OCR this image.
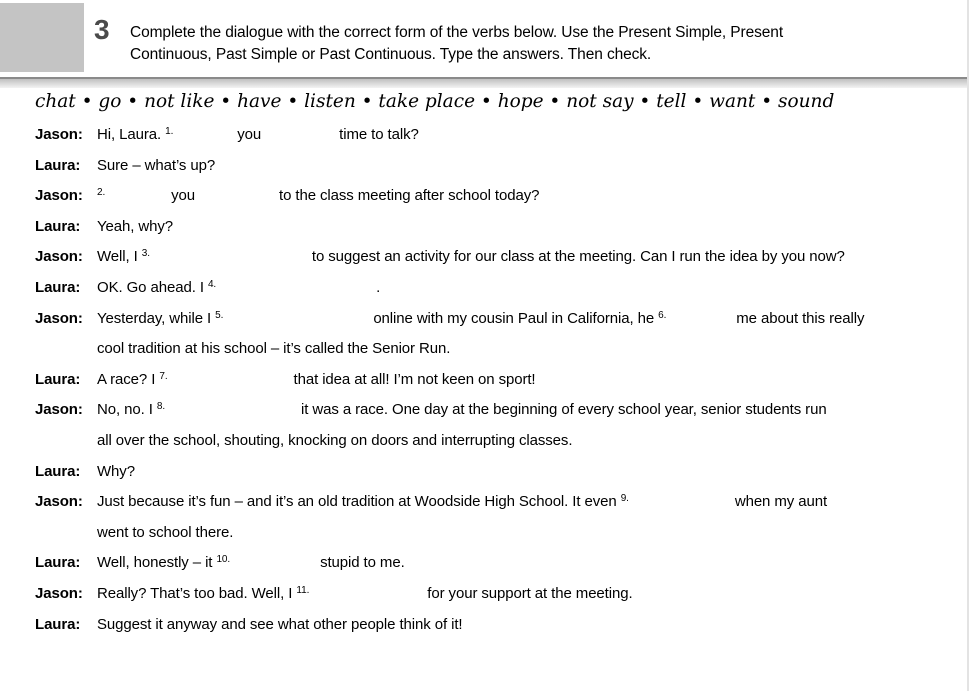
3 Complete the dialogue with the correct form of the verbs below. Use the Present Simple, Present
Continuous, Past Simple or Past Continuous. Type the answers. Then check.
chat • go • not like • have • listen • take place • hope • not say • tell • want • sound
Jason: Hi, Laura. $^{1.}$	you	time to talk?
Laura: Sure – what’s up?
Jason: $^{2.}$	you	to the class meeting after school today?
Laura: Yeah, why?
Jason: Well, I $^{3.}$	to suggest an activity for our class at the meeting. Can I run the idea by you now?
Laura: OK. Go ahead. I $^{4.}$	.
Jason: Yesterday, while I $^{5.}$	online with my cousin Paul in California, he $^{6.}$	me about this really
cool tradition at his school – it’s called the Senior Run.
Laura: A race? I $^{7.}$	that idea at all! I’m not keen on sport!
Jason: No, no. I $^{8.}$	it was a race. One day at the beginning of every school year, senior students run
all over the school, shouting, knocking on doors and interrupting classes.
Laura: Why?
Jason: Just because it’s fun – and it’s an old tradition at Woodside High School. It even $^{9.}$	when my aunt
went to school there.
Laura: Well, honestly – it $^{10.}$	stupid to me.
Jason: Really? That’s too bad. Well, I $^{11.}$	for your support at the meeting.
Laura: Suggest it anyway and see what other people think of it!
